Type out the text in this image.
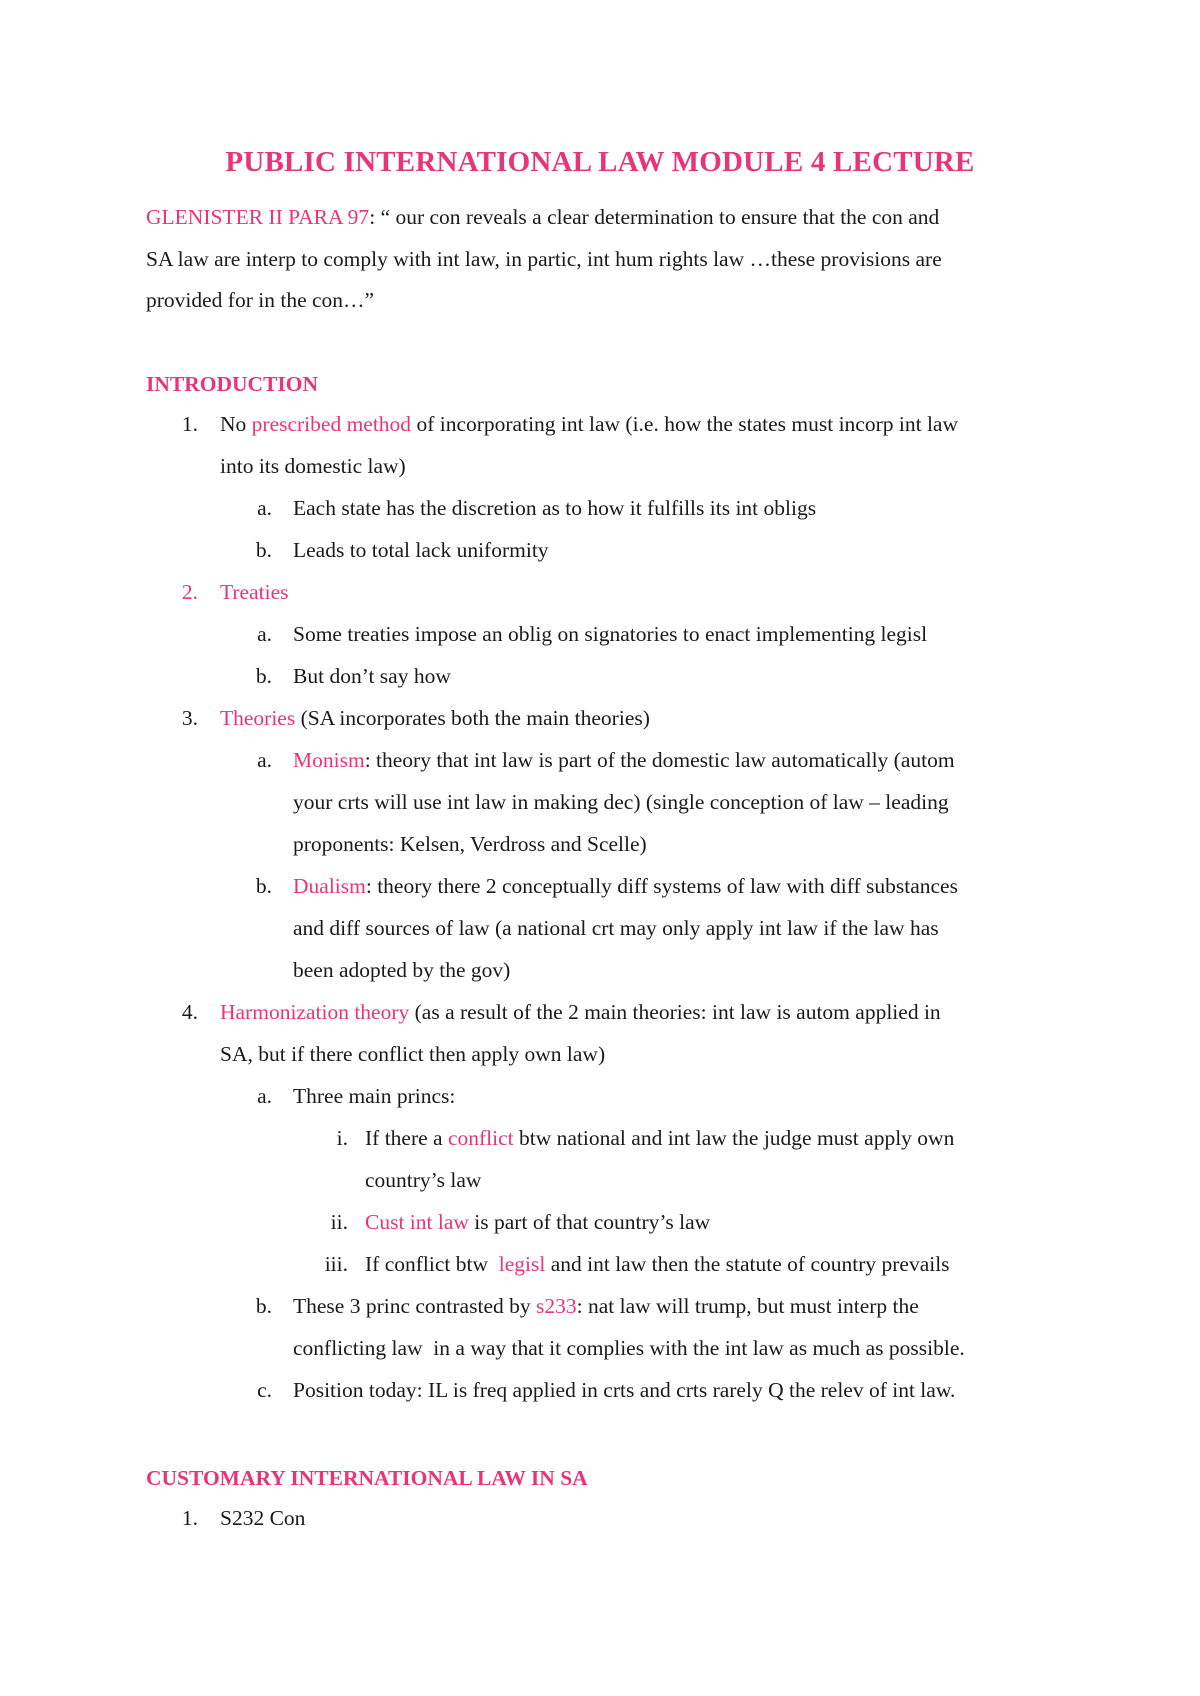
PUBLIC INTERNATIONAL LAW MODULE 4 LECTURE
GLENISTER II PARA 97: “ our con reveals a clear determination to ensure that the con and
SA law are interp to comply with int law, in partic, int hum rights law …these provisions are
provided for in the con…”
INTRODUCTION
1. No prescribed method of incorporating int law (i.e. how the states must incorp int law
into its domestic law)
a. Each state has the discretion as to how it fulfills its int obligs
b. Leads to total lack uniformity
2. Treaties
a. Some treaties impose an oblig on signatories to enact implementing legisl
b. But don’t say how
3. Theories (SA incorporates both the main theories)
a. Monism: theory that int law is part of the domestic law automatically (autom
your crts will use int law in making dec) (single conception of law – leading
proponents: Kelsen, Verdross and Scelle)
b. Dualism: theory there 2 conceptually diff systems of law with diff substances
and diff sources of law (a national crt may only apply int law if the law has
been adopted by the gov)
4. Harmonization theory (as a result of the 2 main theories: int law is autom applied in
SA, but if there conflict then apply own law)
a. Three main princs:
i. If there a conflict btw national and int law the judge must apply own
country’s law
ii. Cust int law is part of that country’s law
iii. If conflict btw  legisl and int law then the statute of country prevails
b. These 3 princ contrasted by s233: nat law will trump, but must interp the
conflicting law  in a way that it complies with the int law as much as possible.
c. Position today: IL is freq applied in crts and crts rarely Q the relev of int law.
CUSTOMARY INTERNATIONAL LAW IN SA
1. S232 Con
